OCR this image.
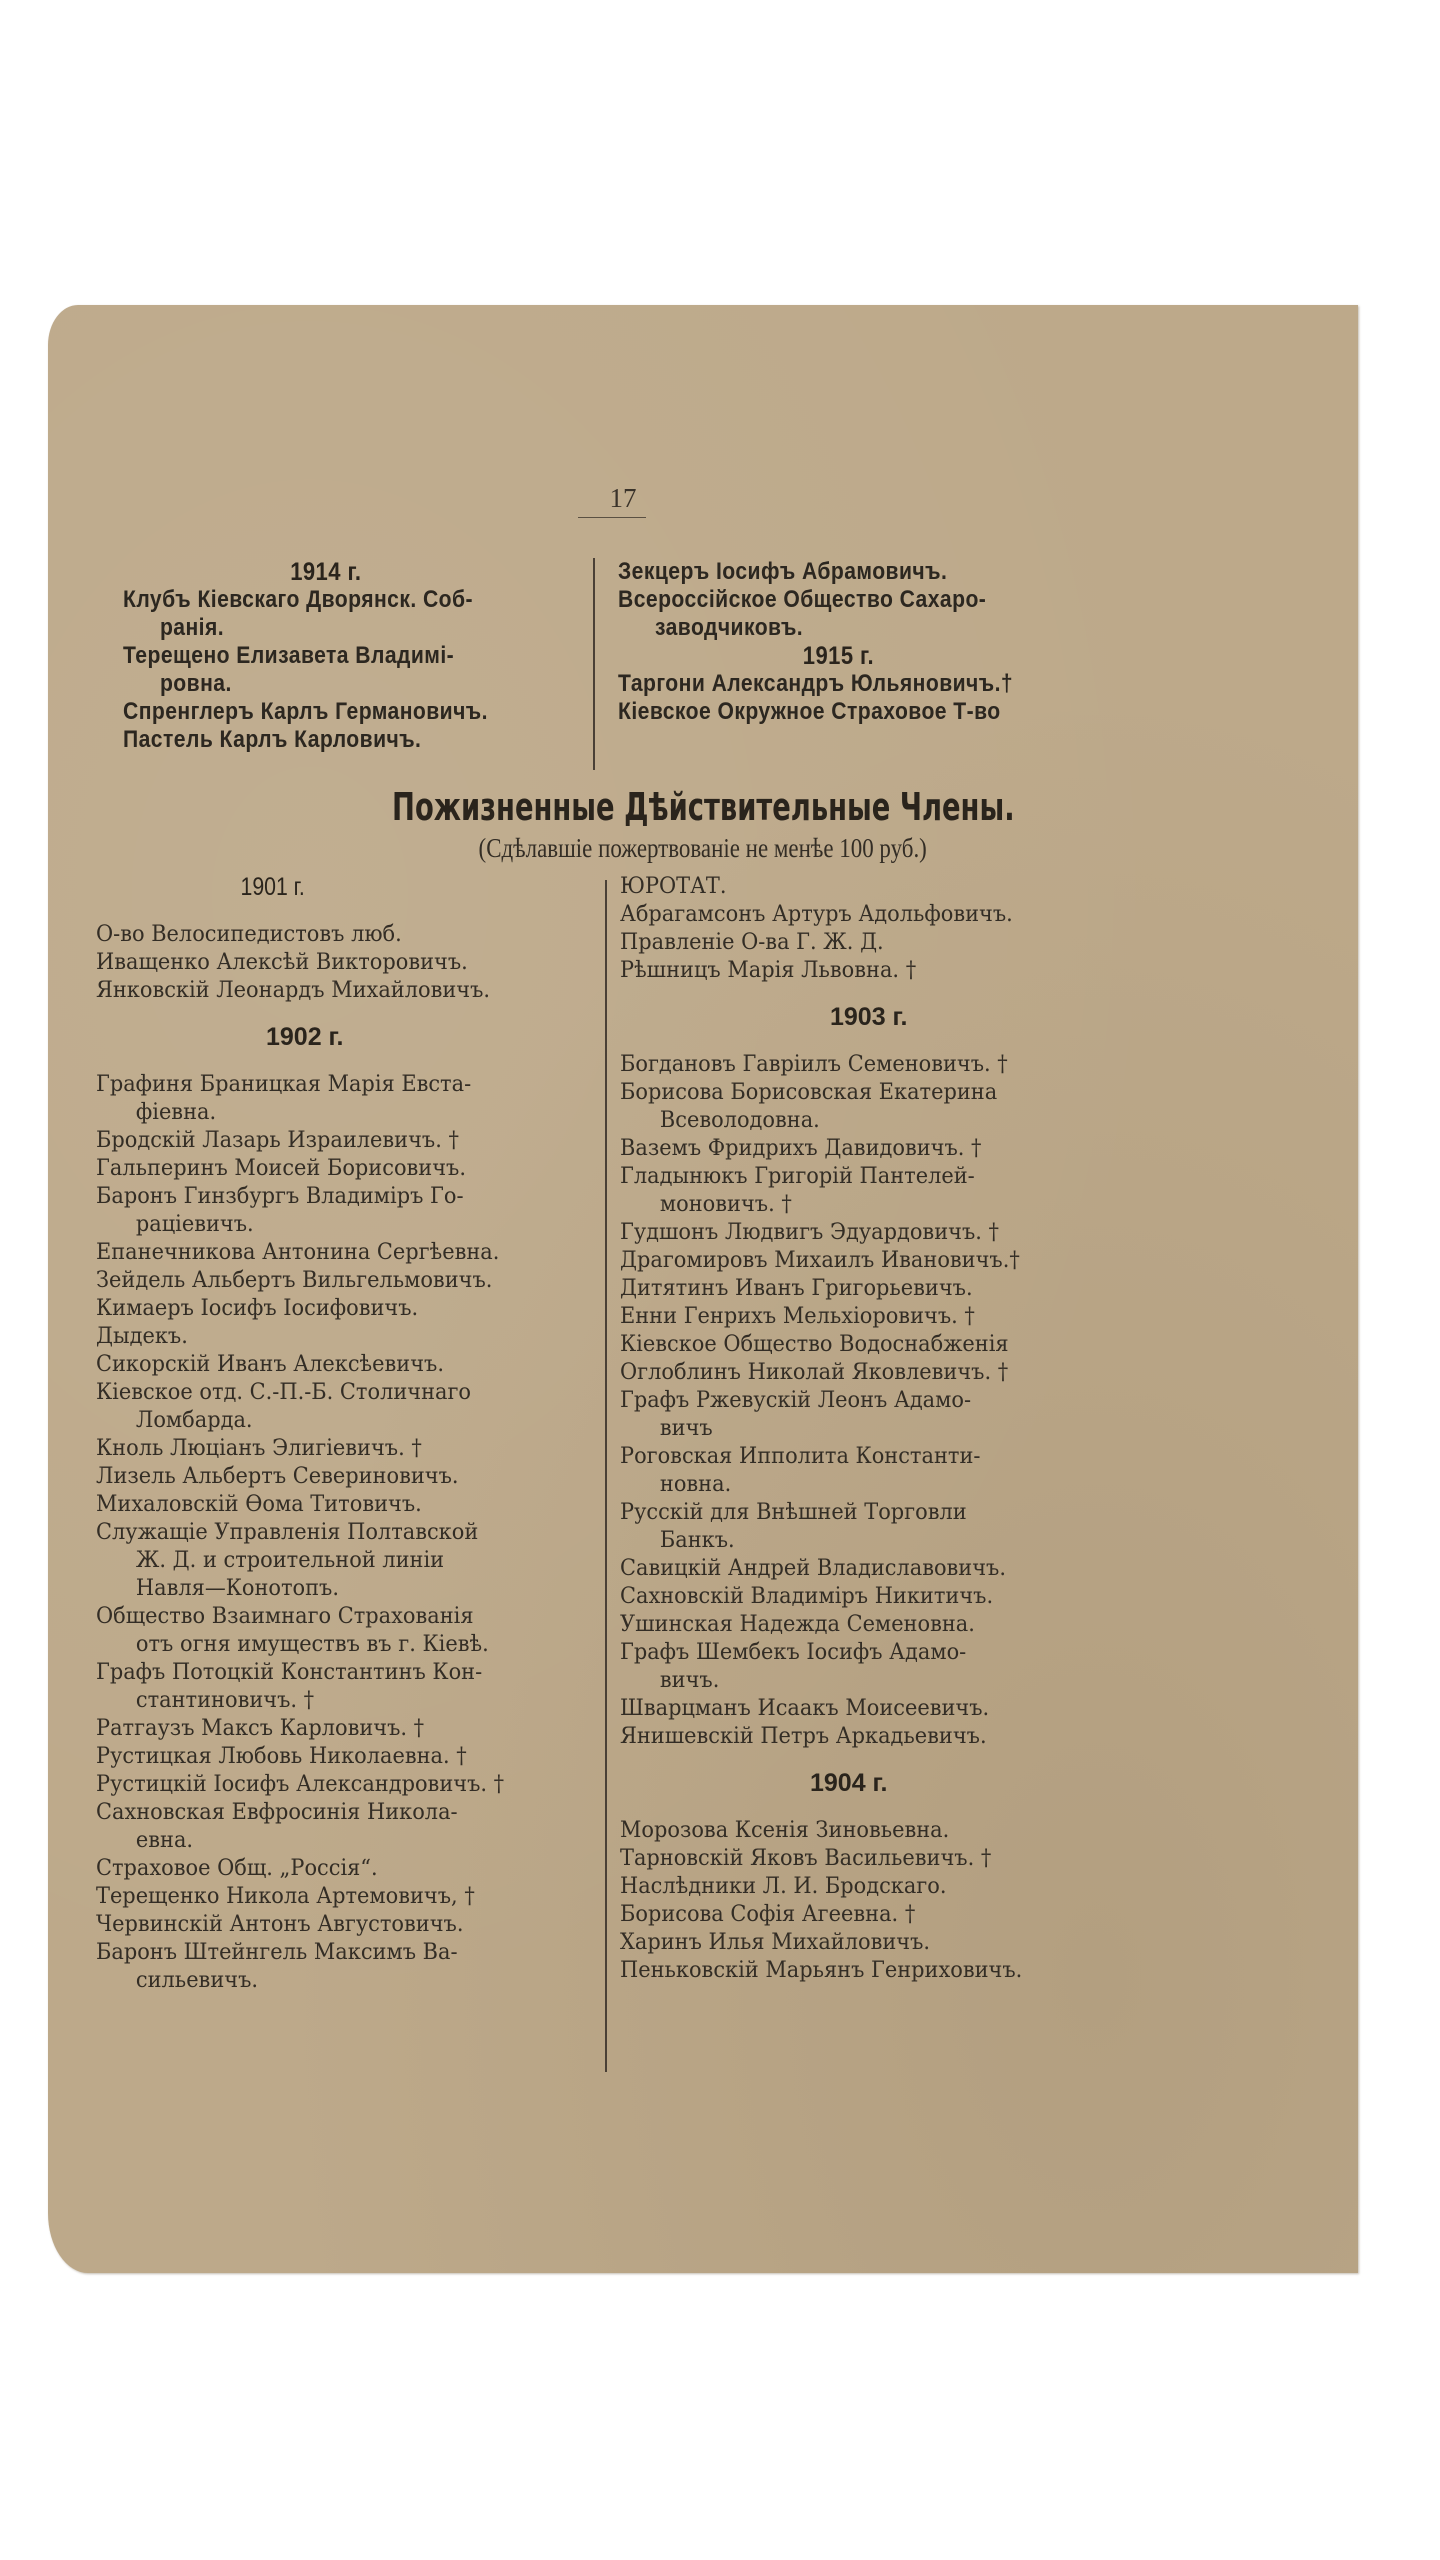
17
1914 г.
Клубъ Кіевскаго Дворянск. Соб-
ранія.
Терещено Елизавета Владимі-
ровна.
Спренглеръ Карлъ Германовичъ.
Пастель Карлъ Карловичъ.
Зекцеръ Іосифъ Абрамовичъ.
Всероссійское Общество Сахаро-
заводчиковъ.
1915 г.
Таргони Александръ Юльяновичъ.†
Кіевское Окружное Страховое Т-во
Пожизненные Дѣйствительные Члены.
(Сдѣлавшіе пожертвованіе не менѣе 100 руб.)
1901 г.
О-во Велосипедистовъ люб.
Иващенко Алексѣй Викторовичъ.
Янковскій Леонардъ Михайловичъ.
1902 г.
Графиня Браницкая Марія Евста-
фіевна.
Бродскій Лазарь Израилевичъ. †
Гальперинъ Моисей Борисовичъ.
Баронъ Гинзбургъ Владиміръ Го-
раціевичъ.
Епанечникова Антонина Сергѣевна.
Зейдель Альбертъ Вильгельмовичъ.
Кимаеръ Іосифъ Іосифовичъ.
Дыдекъ.
Сикорскій Иванъ Алексѣевичъ.
Кіевское отд. С.-П.-Б. Столичнаго
Ломбарда.
Кноль Люціанъ Элигіевичъ. †
Лизель Альбертъ Севериновичъ.
Михаловскій Ѳома Титовичъ.
Служащіе Управленія Полтавской
Ж. Д. и строительной линіи
Навля—Конотопъ.
Общество Взаимнаго Страхованія
отъ огня имуществъ въ г. Кіевѣ.
Графъ Потоцкій Константинъ Кон-
стантиновичъ. †
Ратгаузъ Максъ Карловичъ. †
Рустицкая Любовь Николаевна. †
Рустицкій Іосифъ Александровичъ. †
Сахновская Евфросинія Никола-
евна.
Страховое Общ. „Россія“.
Терещенко Никола Артемовичъ, †
Червинскій Антонъ Августовичъ.
Баронъ Штейнгель Максимъ Ва-
сильевичъ.
ЮРОТАТ.
Абрагамсонъ Артуръ Адольфовичъ.
Правленіе О-ва Г. Ж. Д.
Рѣшницъ Марія Львовна. †
1903 г.
Богдановъ Гавріилъ Семеновичъ. †
Борисова Борисовская Екатерина
Всеволодовна.
Ваземъ Фридрихъ Давидовичъ. †
Гладынюкъ Григорій Пантелей-
моновичъ. †
Гудшонъ Людвигъ Эдуардовичъ. †
Драгомировъ Михаилъ Ивановичъ.†
Дитятинъ Иванъ Григорьевичъ.
Енни Генрихъ Мельхіоровичъ. †
Кіевское Общество Водоснабженія
Оглоблинъ Николай Яковлевичъ. †
Графъ Ржевускій Леонъ Адамо-
вичъ
Роговская Ипполита Константи-
новна.
Русскій для Внѣшней Торговли
Банкъ.
Савицкій Андрей Владиславовичъ.
Сахновскій Владиміръ Никитичъ.
Ушинская Надежда Семеновна.
Графъ Шембекъ Іосифъ Адамо-
вичъ.
Шварцманъ Исаакъ Моисеевичъ.
Янишевскій Петръ Аркадьевичъ.
1904 г.
Морозова Ксенія Зиновьевна.
Тарновскій Яковъ Васильевичъ. †
Наслѣдники Л. И. Бродскаго.
Борисова Софія Агеевна. †
Харинъ Илья Михайловичъ.
Пеньковскій Марьянъ Генриховичъ.
